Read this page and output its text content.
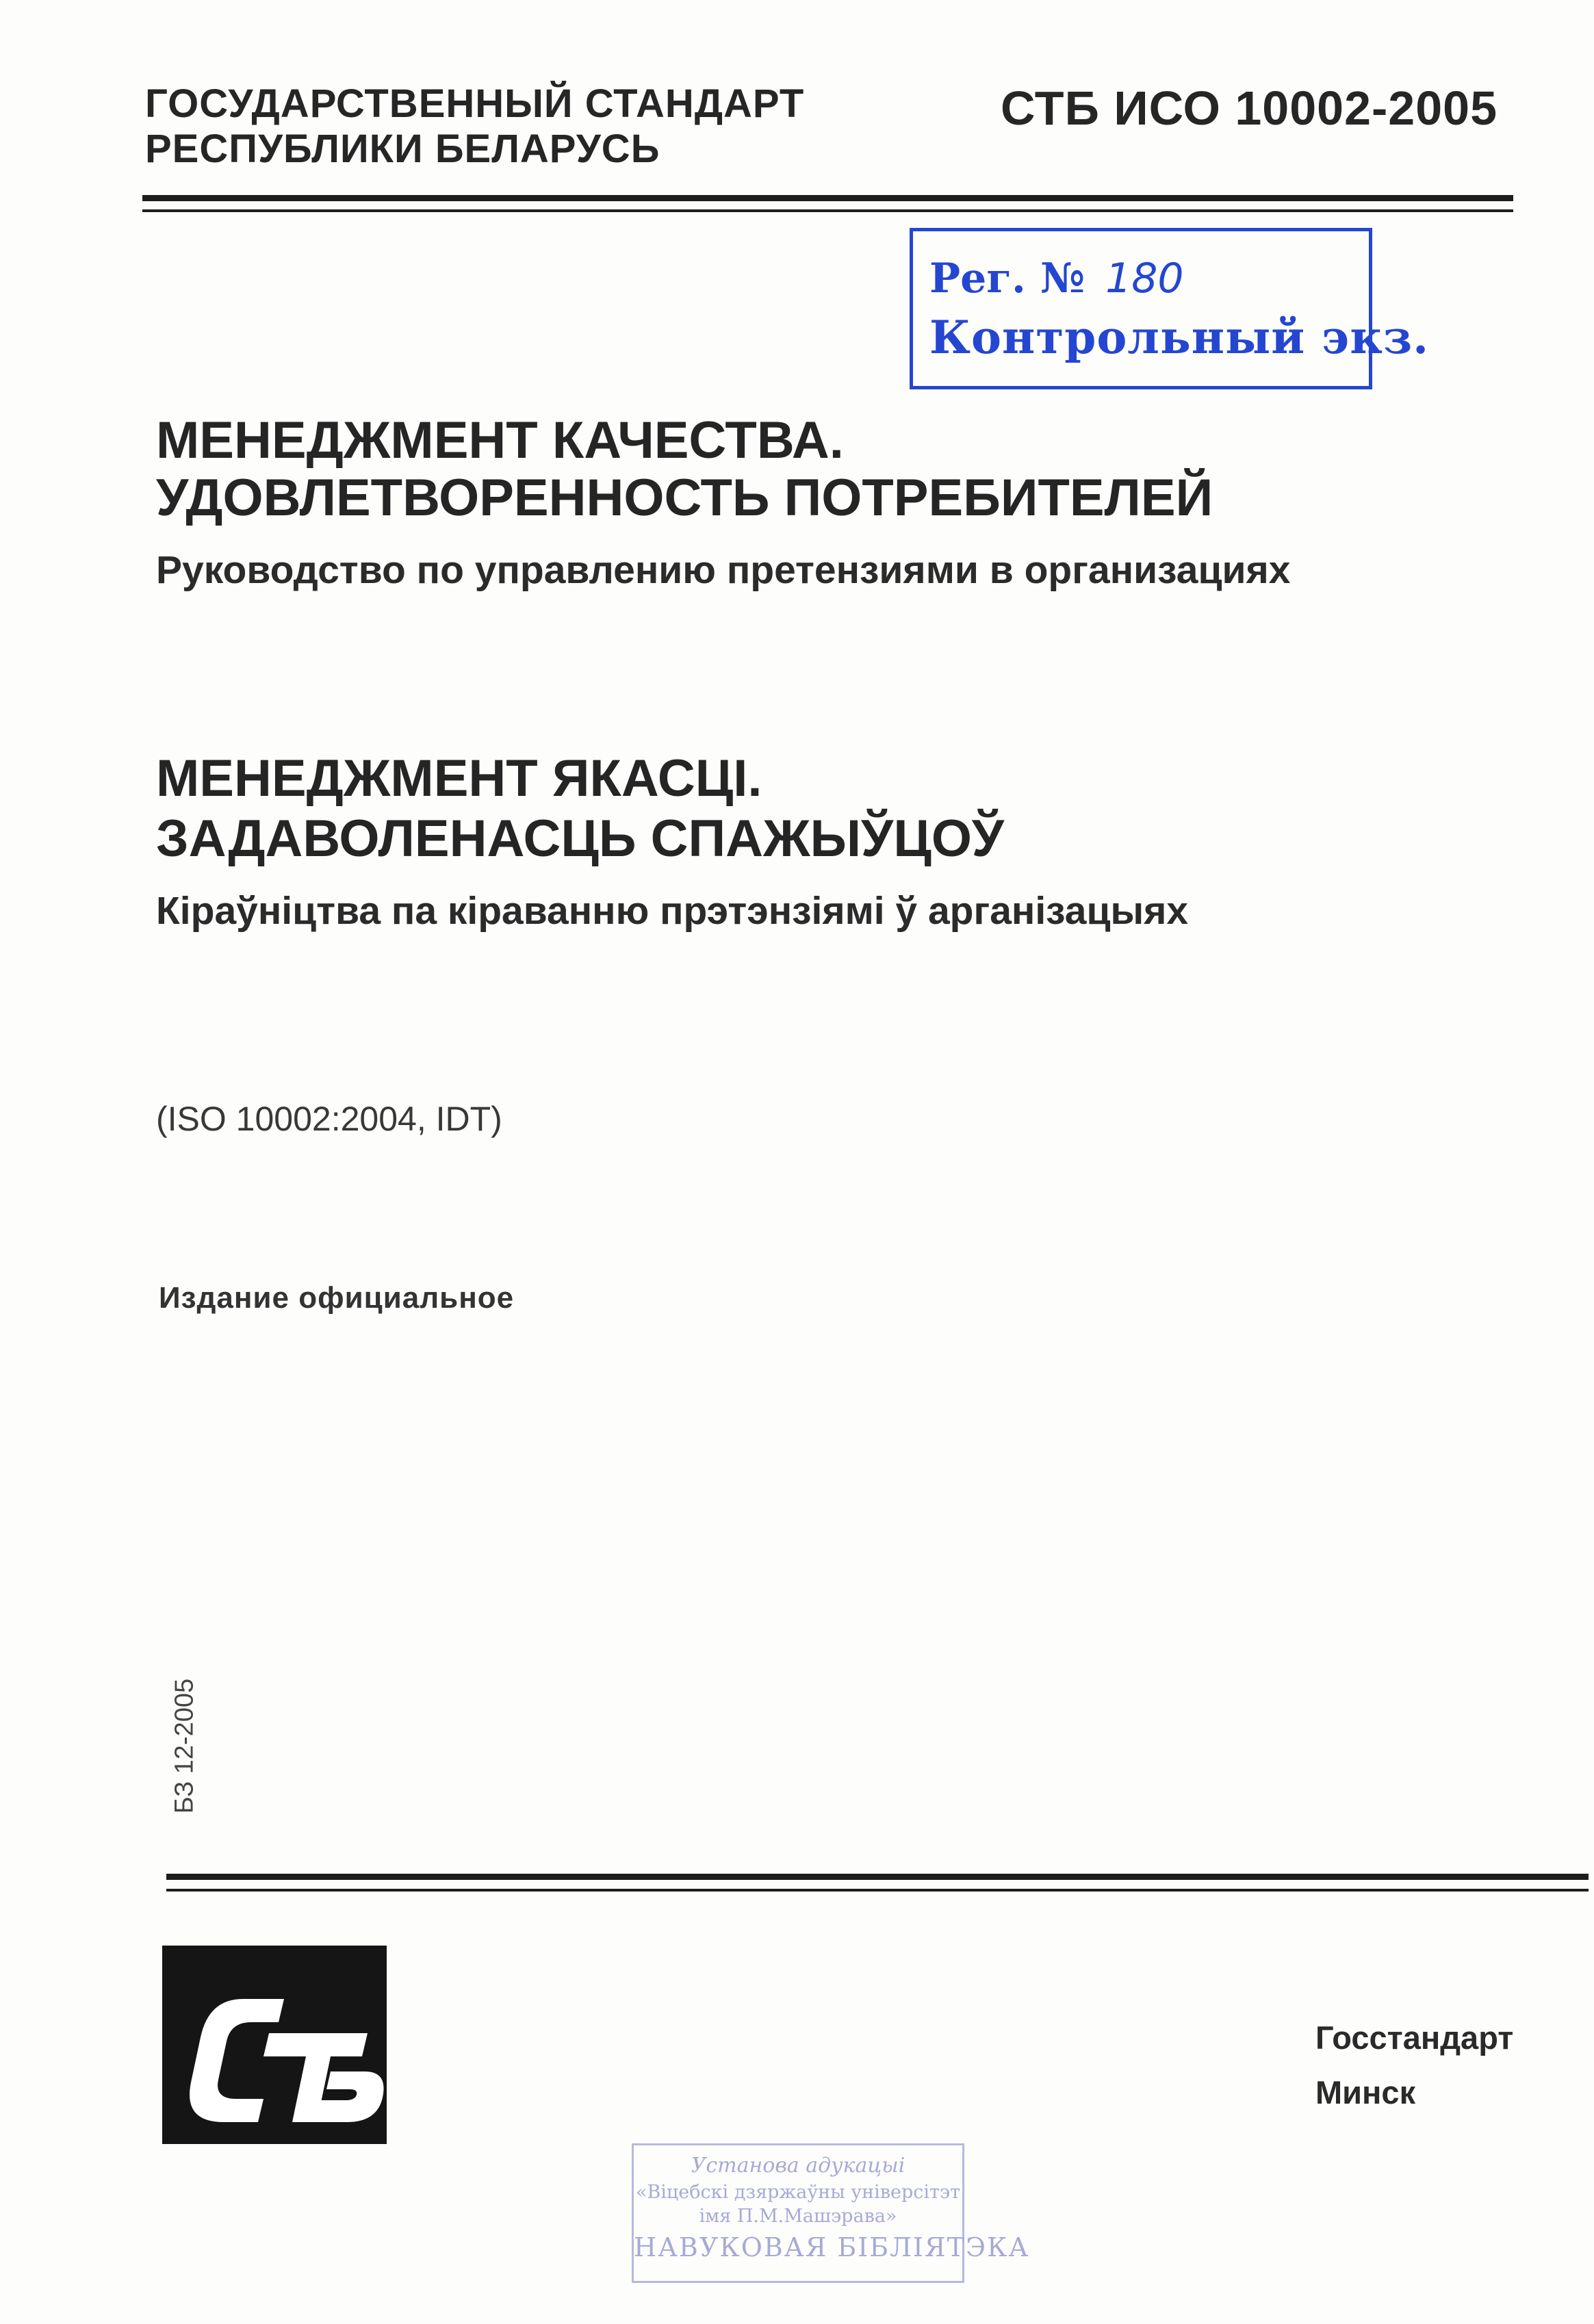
ГОСУДАРСТВЕННЫЙ СТАНДАРТ
РЕСПУБЛИКИ БЕЛАРУСЬ
СТБ ИСО 10002-2005
Рег. № 180
Контрольный экз.
МЕНЕДЖМЕНТ КАЧЕСТВА.
УДОВЛЕТВОРЕННОСТЬ ПОТРЕБИТЕЛЕЙ
Руководство по управлению претензиями в организациях
МЕНЕДЖМЕНТ ЯКАСЦІ.
ЗАДАВОЛЕНАСЦЬ СПАЖЫЎЦОЎ
Кіраўніцтва па кіраванню прэтэнзіямі ў арганізацыях
(ISO 10002:2004, IDT)
Издание официальное
БЗ 12-2005
Госстандарт
Минск
Установа адукацыі
«Віцебскі дзяржаўны універсітэт
імя П.М.Машэрава»
НАВУКОВАЯ БІБЛІЯТЭКА
